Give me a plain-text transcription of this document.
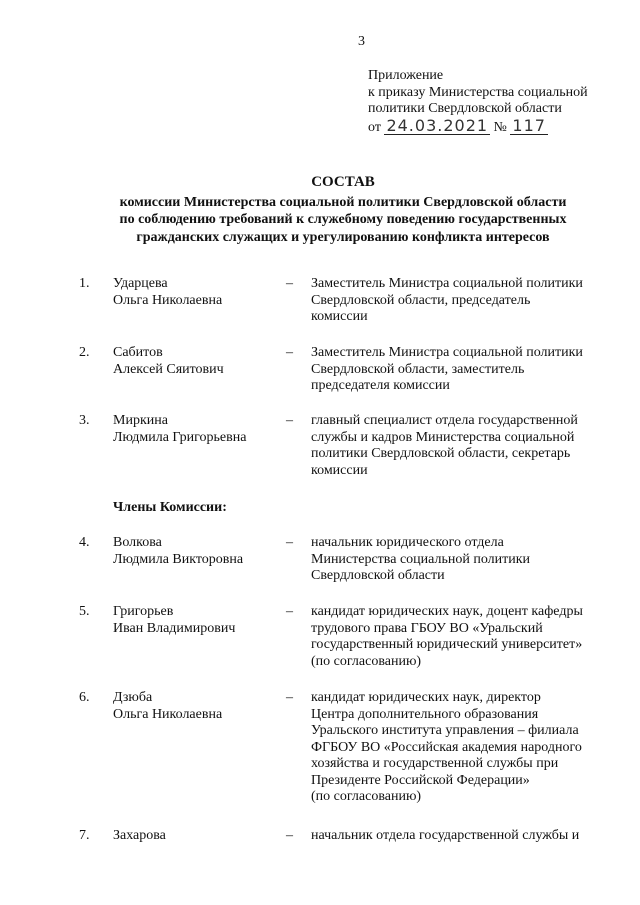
3
Приложение
к приказу Министерства социальной
политики Свердловской области
от 24.03.2021 № 117
СОСТАВ
комиссии Министерства социальной политики Свердловской области
по соблюдению требований к служебному поведению государственных
гражданских служащих и урегулированию конфликта интересов
1. Ударцева
Ольга Николаевна
– Заместитель Министра социальной политики
Свердловской области, председатель
комиссии
2. Сабитов
Алексей Сяитович
– Заместитель Министра социальной политики
Свердловской области, заместитель
председателя комиссии
3. Миркина
Людмила Григорьевна
– главный специалист отдела государственной
службы и кадров Министерства социальной
политики Свердловской области, секретарь
комиссии
Члены Комиссии:
4. Волкова
Людмила Викторовна
– начальник юридического отдела
Министерства социальной политики
Свердловской области
5. Григорьев
Иван Владимирович
– кандидат юридических наук, доцент кафедры
трудового права ГБОУ ВО «Уральский
государственный юридический университет»
(по согласованию)
6. Дзюба
Ольга Николаевна
– кандидат юридических наук, директор
Центра дополнительного образования
Уральского института управления – филиала
ФГБОУ ВО «Российская академия народного
хозяйства и государственной службы при
Президенте Российской Федерации»
(по согласованию)
7. Захарова	– начальник отдела государственной службы и
